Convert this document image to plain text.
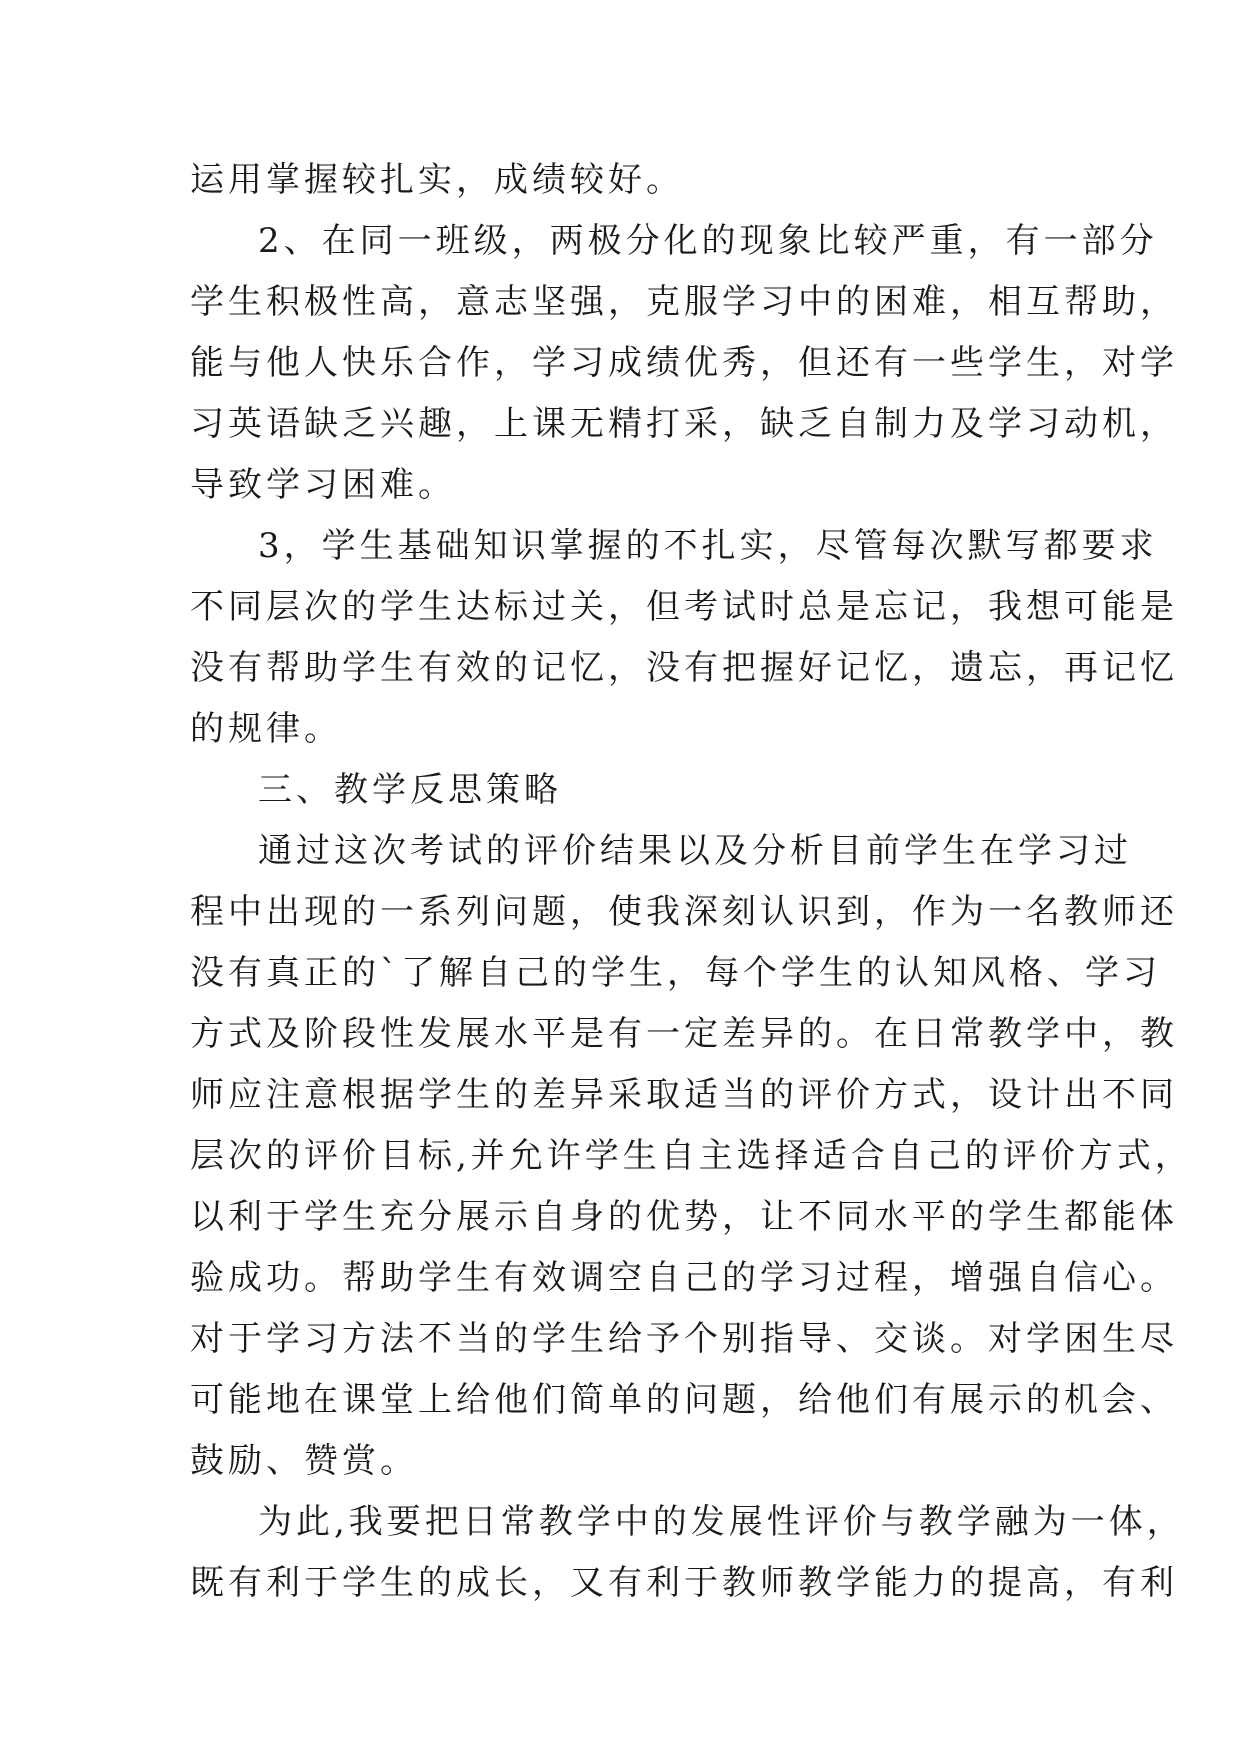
运用掌握较扎实，成绩较好。
2、在同一班级，两极分化的现象比较严重，有一部分
学生积极性高，意志坚强，克服学习中的困难，相互帮助，
能与他人快乐合作，学习成绩优秀，但还有一些学生，对学
习英语缺乏兴趣，上课无精打采，缺乏自制力及学习动机，
导致学习困难。
3，学生基础知识掌握的不扎实，尽管每次默写都要求
不同层次的学生达标过关，但考试时总是忘记，我想可能是
没有帮助学生有效的记忆，没有把握好记忆，遗忘，再记忆
的规律。
三、教学反思策略
通过这次考试的评价结果以及分析目前学生在学习过
程中出现的一系列问题，使我深刻认识到，作为一名教师还
没有真正的`了解自己的学生，每个学生的认知风格、学习
方式及阶段性发展水平是有一定差异的。在日常教学中，教
师应注意根据学生的差异采取适当的评价方式，设计出不同
层次的评价目标,并允许学生自主选择适合自己的评价方式，
以利于学生充分展示自身的优势，让不同水平的学生都能体
验成功。帮助学生有效调空自己的学习过程，增强自信心。
对于学习方法不当的学生给予个别指导、交谈。对学困生尽
可能地在课堂上给他们简单的问题，给他们有展示的机会、
鼓励、赞赏。
为此,我要把日常教学中的发展性评价与教学融为一体，
既有利于学生的成长，又有利于教师教学能力的提高，有利
